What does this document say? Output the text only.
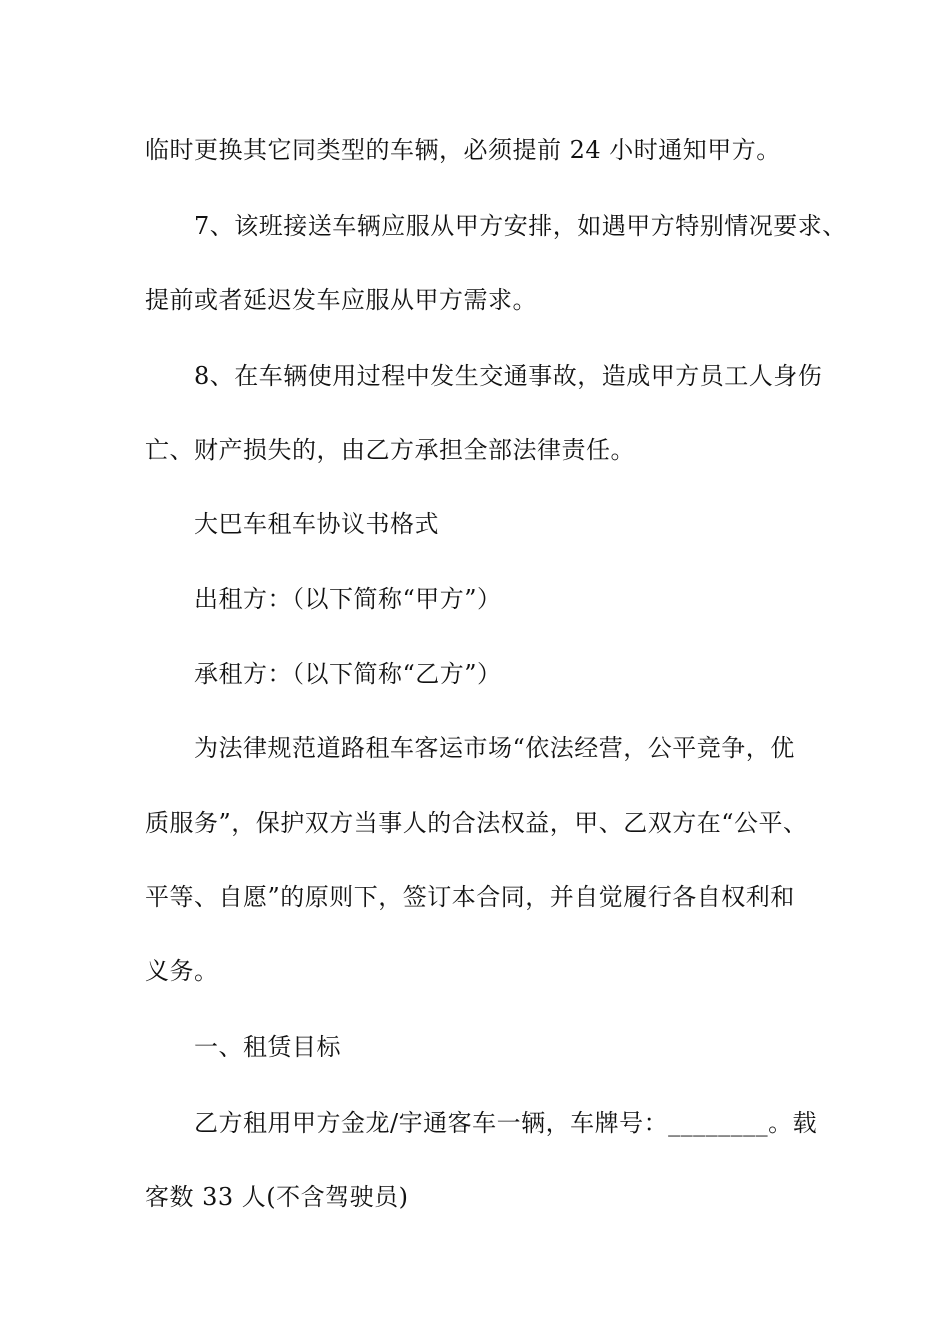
临时更换其它同类型的车辆，必须提前 24 小时通知甲方。
7、该班接送车辆应服从甲方安排，如遇甲方特别情况要求、
提前或者延迟发车应服从甲方需求。
8、在车辆使用过程中发生交通事故，造成甲方员工人身伤
亡、财产损失的，由乙方承担全部法律责任。
大巴车租车协议书格式
出租方：（以下简称“甲方”）
承租方：（以下简称“乙方”）
为法律规范道路租车客运市场“依法经营，公平竞争，优
质服务”，保护双方当事人的合法权益，甲、乙双方在“公平、
平等、自愿”的原则下，签订本合同，并自觉履行各自权利和
义务。
一、租赁目标
乙方租用甲方金龙/宇通客车一辆，车牌号：________。载
客数 33 人(不含驾驶员)
